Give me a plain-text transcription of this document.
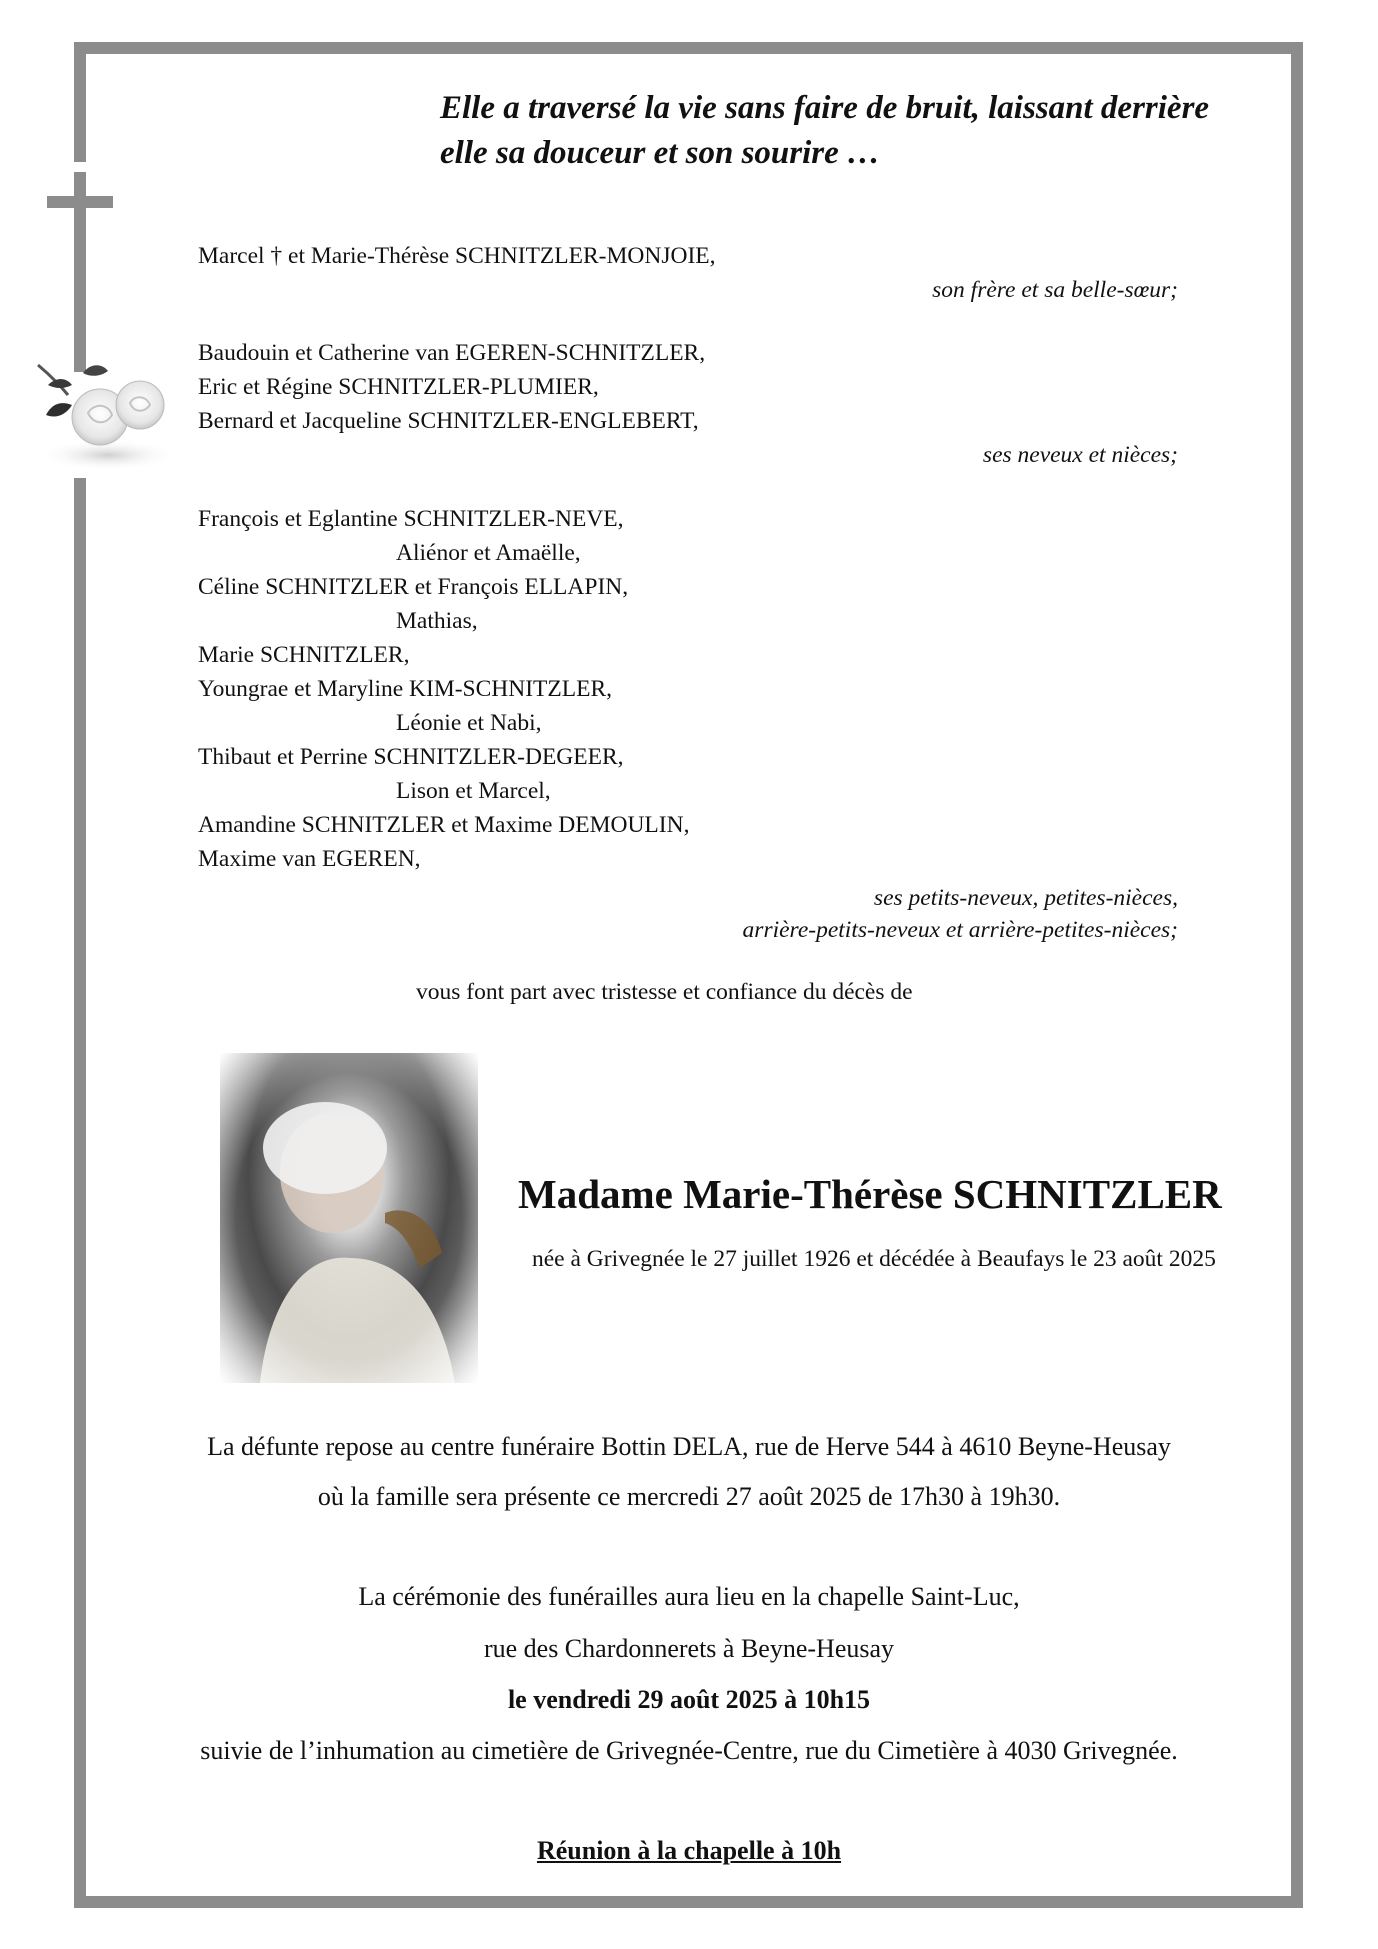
Elle a traversé la vie sans faire de bruit, laissant derrière
elle sa douceur et son sourire …
Marcel † et Marie-Thérèse SCHNITZLER-MONJOIE,
son frère et sa belle-sœur;
Baudouin et Catherine van EGEREN-SCHNITZLER,
Eric et Régine SCHNITZLER-PLUMIER,
Bernard et Jacqueline SCHNITZLER-ENGLEBERT,
ses neveux et nièces;
François et Eglantine SCHNITZLER-NEVE,
Aliénor et Amaëlle,
Céline SCHNITZLER et François ELLAPIN,
Mathias,
Marie SCHNITZLER,
Youngrae et Maryline KIM-SCHNITZLER,
Léonie et Nabi,
Thibaut et Perrine SCHNITZLER-DEGEER,
Lison et Marcel,
Amandine SCHNITZLER et Maxime DEMOULIN,
Maxime van EGEREN,
ses petits-neveux, petites-nièces,
arrière-petits-neveux et arrière-petites-nièces;
vous font part avec tristesse et confiance du décès de
Madame Marie-Thérèse SCHNITZLER
née à Grivegnée le 27 juillet 1926 et décédée à Beaufays le 23 août 2025
La défunte repose au centre funéraire Bottin DELA, rue de Herve 544 à 4610 Beyne-Heusay
où la famille sera présente ce mercredi 27 août 2025 de 17h30 à 19h30.
La cérémonie des funérailles aura lieu en la chapelle Saint-Luc,
rue des Chardonnerets à Beyne-Heusay
le vendredi 29 août 2025 à 10h15
suivie de l’inhumation au cimetière de Grivegnée-Centre, rue du Cimetière à 4030 Grivegnée.
Réunion à la chapelle à 10h
